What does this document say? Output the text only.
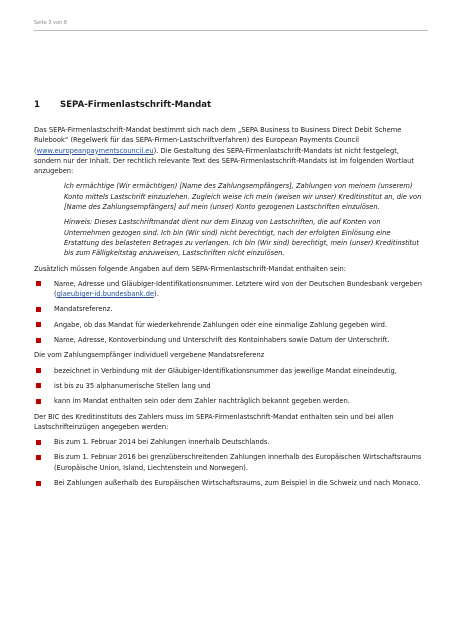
Seite 3 von 8
1 SEPA-Firmenlastschrift-Mandat

Das SEPA-Firmenlastschrift-Mandat bestimmt sich nach dem „SEPA Business to Business Direct Debit Scheme Rulebook“ (Regelwerk für das SEPA-Firmen-Lastschriftverfahren) des European Payments Council (www.europeanpaymentscouncil.eu). Die Gestaltung des SEPA-Firmenlastschrift-Mandats ist nicht festgelegt, sondern nur der Inhalt. Der rechtlich relevante Text des SEPA-Firmenlastschrift-Mandats ist im folgenden Wortlaut anzugeben:

Ich ermächtige (Wir ermächtigen) [Name des Zahlungsempfängers], Zahlungen von meinem (unserem) Konto mittels Lastschrift einzuziehen. Zugleich weise ich mein (weisen wir unser) Kreditinstitut an, die von [Name des Zahlungsempfängers] auf mein (unser) Konto gezogenen Lastschriften einzulösen.

Hinweis: Dieses Lastschriftmandat dient nur dem Einzug von Lastschriften, die auf Konten von Unternehmen gezogen sind. Ich bin (Wir sind) nicht berechtigt, nach der erfolgten Einlösung eine Erstattung des belasteten Betrages zu verlangen. Ich bin (Wir sind) berechtigt, mein (unser) Kreditinstitut bis zum Fälligkeitstag anzuweisen, Lastschriften nicht einzulösen.

Zusätzlich müssen folgende Angaben auf dem SEPA-Firmenlastschrift-Mandat enthalten sein:

Name, Adresse und Gläubiger-Identifikationsnummer. Letztere wird von der Deutschen Bundesbank vergeben (glaeubiger-id.bundesbank.de).
Mandatsreferenz.
Angabe, ob das Mandat für wiederkehrende Zahlungen oder eine einmalige Zahlung gegeben wird.
Name, Adresse, Kontoverbindung und Unterschrift des Kontoinhabers sowie Datum der Unterschrift.

Die vom Zahlungsempfänger individuell vergebene Mandatsreferenz

bezeichnet in Verbindung mit der Gläubiger-Identifikationsnummer das jeweilige Mandat eineindeutig,
ist bis zu 35 alphanumerische Stellen lang und
kann im Mandat enthalten sein oder dem Zahler nachträglich bekannt gegeben werden.

Der BIC des Kreditinstituts des Zahlers muss im SEPA-Firmenlastschrift-Mandat enthalten sein und bei allen Lastschrifteinzügen angegeben werden:

Bis zum 1. Februar 2014 bei Zahlungen innerhalb Deutschlands.
Bis zum 1. Februar 2016 bei grenzüberschreitenden Zahlungen innerhalb des Europäischen Wirtschaftsraums (Europäische Union, Island, Liechtenstein und Norwegen).
Bei Zahlungen außerhalb des Europäischen Wirtschaftsraums, zum Beispiel in die Schweiz und nach Monaco.
